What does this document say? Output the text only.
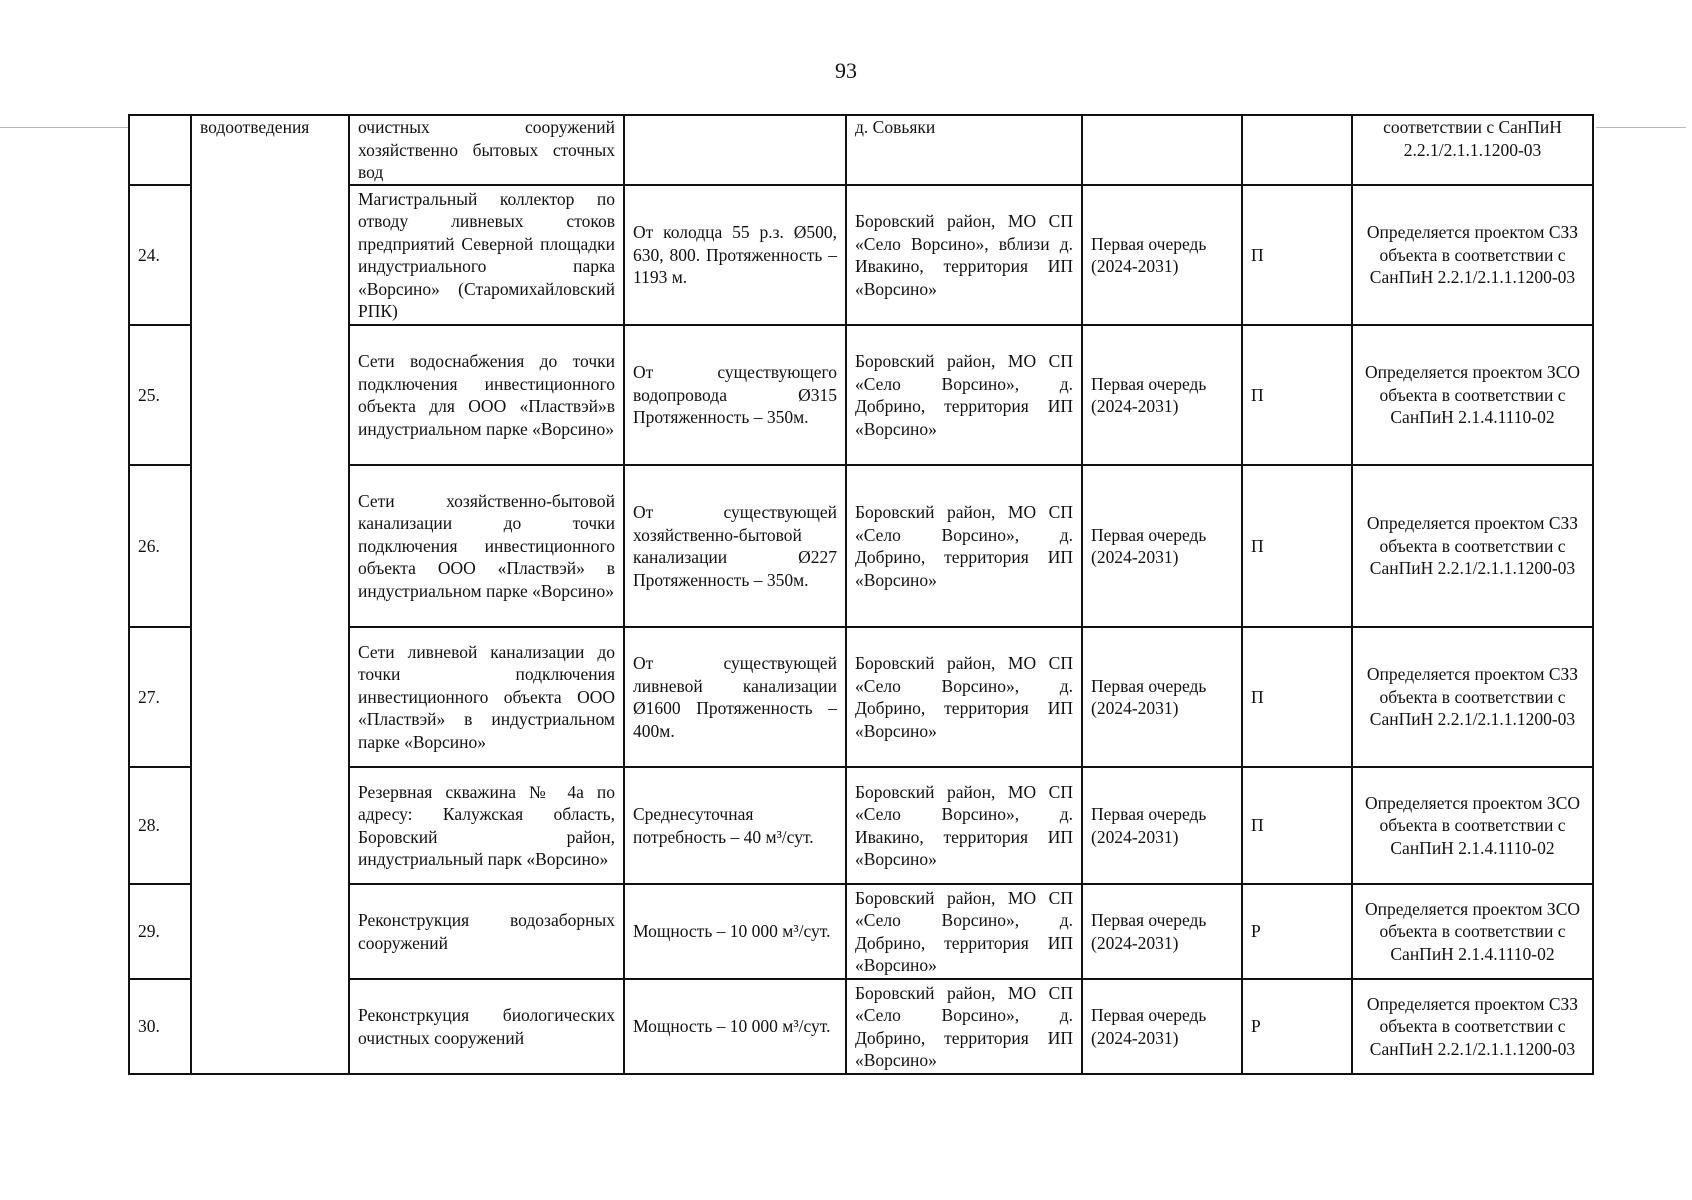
93
	водоотведения	очистных сооружений хозяйственно бытовых сточных вод		д. Совьяки			соответствии с СанПиН 2.2.1/2.1.1.1200-03
24.		Магистральный коллектор по отводу ливневых стоков предприятий Северной площадки индустриального парка «Ворсино» (Старомихайловский РПК)	От колодца 55 р.з. Ø500, 630, 800. Протяженность – 1193 м.	Боровский район, МО СП «Село Ворсино», вблизи д. Ивакино, территория ИП «Ворсино»	Первая очередь (2024-2031)	П	Определяется проектом СЗЗ объекта в соответствии с СанПиН 2.2.1/2.1.1.1200-03
25.		Сети водоснабжения до точки подключения инвестиционного объекта для ООО «Пластвэй»в индустриальном парке «Ворсино»	От существующего водопровода Ø315 Протяженность – 350м.	Боровский район, МО СП «Село Ворсино», д. Добрино, территория ИП «Ворсино»	Первая очередь (2024-2031)	П	Определяется проектом ЗСО объекта в соответствии с СанПиН 2.1.4.1110-02
26.		Сети хозяйственно-бытовой канализации до точки подключения инвестиционного объекта ООО «Пластвэй» в индустриальном парке «Ворсино»	От существующей хозяйственно-бытовой канализации Ø227 Протяженность – 350м.	Боровский район, МО СП «Село Ворсино», д. Добрино, территория ИП «Ворсино»	Первая очередь (2024-2031)	П	Определяется проектом СЗЗ объекта в соответствии с СанПиН 2.2.1/2.1.1.1200-03
27.		Сети ливневой канализации до точки подключения инвестиционного объекта ООО «Пластвэй» в индустриальном парке «Ворсино»	От существующей ливневой канализации Ø1600 Протяженность – 400м.	Боровский район, МО СП «Село Ворсино», д. Добрино, территория ИП «Ворсино»	Первая очередь (2024-2031)	П	Определяется проектом СЗЗ объекта в соответствии с СанПиН 2.2.1/2.1.1.1200-03
28.		Резервная скважина № 4а по адресу: Калужская область, Боровский район, индустриальный парк «Ворсино»	Среднесуточная потребность – 40 м³/сут.	Боровский район, МО СП «Село Ворсино», д. Ивакино, территория ИП «Ворсино»	Первая очередь (2024-2031)	П	Определяется проектом ЗСО объекта в соответствии с СанПиН 2.1.4.1110-02
29.		Реконструкция водозаборных сооружений	Мощность – 10 000 м³/сут.	Боровский район, МО СП «Село Ворсино», д. Добрино, территория ИП «Ворсино»	Первая очередь (2024-2031)	Р	Определяется проектом ЗСО объекта в соответствии с СанПиН 2.1.4.1110-02
30.		Реконстркуция биологических очистных сооружений	Мощность – 10 000 м³/сут.	Боровский район, МО СП «Село Ворсино», д. Добрино, территория ИП «Ворсино»	Первая очередь (2024-2031)	Р	Определяется проектом СЗЗ объекта в соответствии с СанПиН 2.2.1/2.1.1.1200-03
